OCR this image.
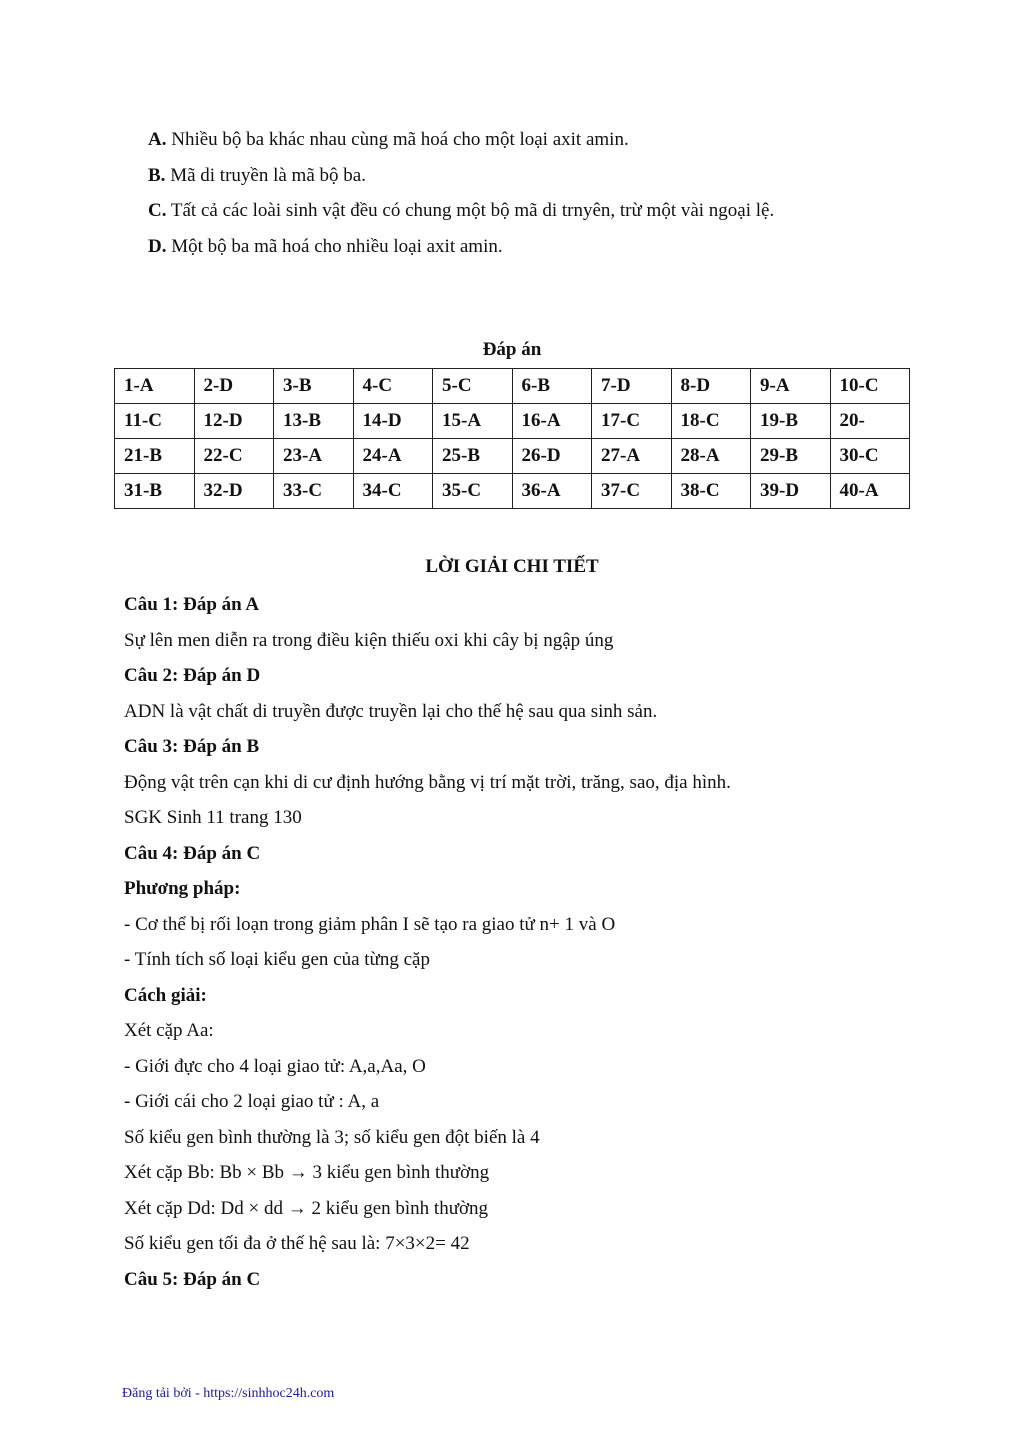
A. Nhiều bộ ba khác nhau cùng mã hoá cho một loại axit amin.
B. Mã di truyền là mã bộ ba.
C. Tất cả các loài sinh vật đều có chung một bộ mã di trnyên, trừ một vài ngoại lệ.
D. Một bộ ba mã hoá cho nhiều loại axit amin.
Đáp án
1-A	2-D	3-B	4-C	5-C	6-B	7-D	8-D	9-A	10-C
11-C	12-D	13-B	14-D	15-A	16-A	17-C	18-C	19-B	20-
21-B	22-C	23-A	24-A	25-B	26-D	27-A	28-A	29-B	30-C
31-B	32-D	33-C	34-C	35-C	36-A	37-C	38-C	39-D	40-A
LỜI GIẢI CHI TIẾT
Câu 1: Đáp án A
Sự lên men diễn ra trong điều kiện thiếu oxi khi cây bị ngập úng
Câu 2: Đáp án D
ADN là vật chất di truyền được truyền lại cho thế hệ sau qua sinh sản.
Câu 3: Đáp án B
Động vật trên cạn khi di cư định hướng bằng vị trí mặt trời, trăng, sao, địa hình.
SGK Sinh 11 trang 130
Câu 4: Đáp án C
Phương pháp:
- Cơ thể bị rối loạn trong giảm phân I sẽ tạo ra giao tử n+ 1 và O
- Tính tích số loại kiểu gen của từng cặp
Cách giải:
Xét cặp Aa:
- Giới đực cho 4 loại giao tử: A,a,Aa, O
- Giới cái cho 2 loại giao tử : A, a
Số kiểu gen bình thường là 3; số kiểu gen đột biến là 4
Xét cặp Bb: Bb × Bb → 3 kiểu gen bình thường
Xét cặp Dd: Dd × dd → 2 kiểu gen bình thường
Số kiểu gen tối đa ở thế hệ sau là: 7×3×2= 42
Câu 5: Đáp án C
Đăng tải bởi - https://sinhhoc24h.com
